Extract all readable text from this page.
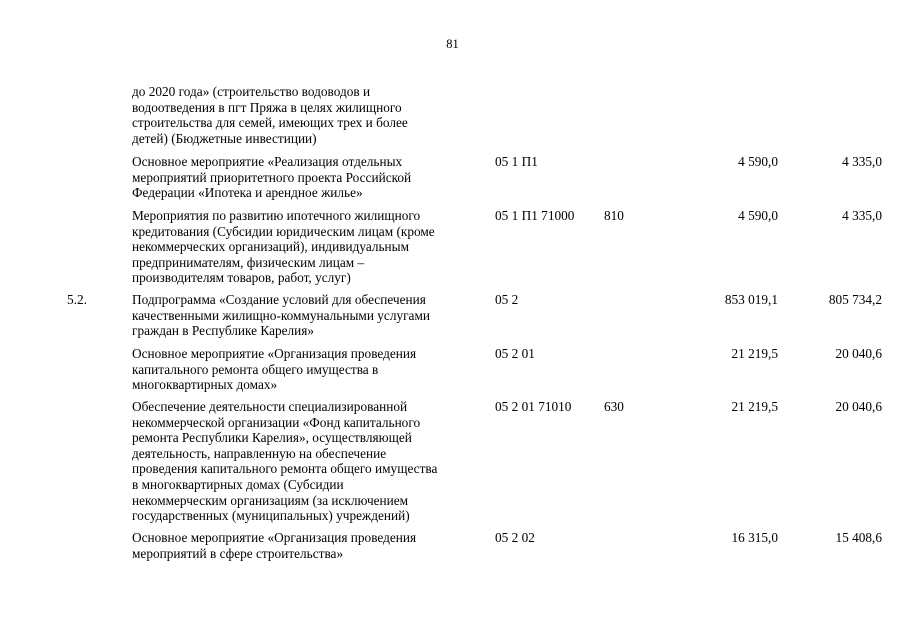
81
до 2020 года» (строительство водоводов и
водоотведения в пгт Пряжа в целях жилищного
строительства для семей, имеющих трех и более
детей) (Бюджетные инвестиции)
Основное мероприятие «Реализация отдельных
мероприятий приоритетного проекта Российской
Федерации «Ипотека и арендное жилье»
05 1 П1	4 590,0	4 335,0
Мероприятия по развитию ипотечного жилищного
кредитования (Субсидии юридическим лицам (кроме
некоммерческих организаций), индивидуальным
предпринимателям, физическим лицам –
производителям товаров, работ, услуг)
05 1 П1 71000 810	4 590,0	4 335,0
5.2.	Подпрограмма «Создание условий для обеспечения
качественными жилищно-коммунальными услугами
граждан в Республике Карелия»
05 2	853 019,1	805 734,2
Основное мероприятие «Организация проведения
капитального ремонта общего имущества в
многоквартирных домах»
05 2 01	21 219,5	20 040,6
Обеспечение деятельности специализированной
некоммерческой организации «Фонд капитального
ремонта Республики Карелия», осуществляющей
деятельность, направленную на обеспечение
проведения капитального ремонта общего имущества
в многоквартирных домах (Субсидии
некоммерческим организациям (за исключением
государственных (муниципальных) учреждений)
05 2 01 71010 630	21 219,5	20 040,6
Основное мероприятие «Организация проведения
мероприятий в сфере строительства»
05 2 02	16 315,0	15 408,6
